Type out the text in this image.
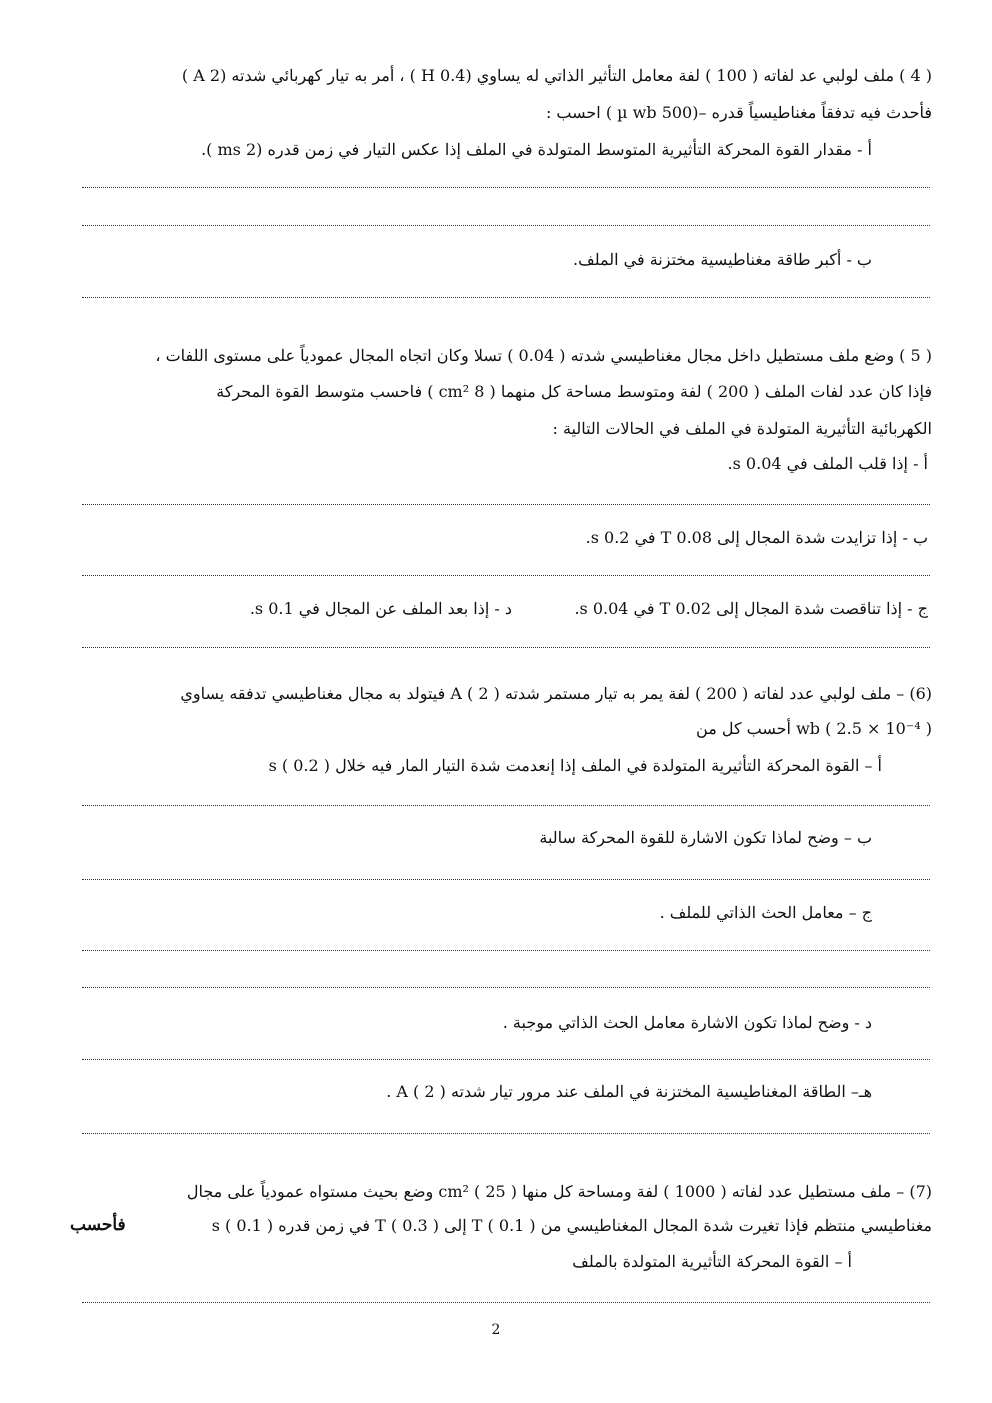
( 4 ) ملف لولبي عد لفاته ( 100 ) لفة معامل التأثير الذاتي له يساوي (0.4 H ) ، أمر به تيار كهربائي شدته (A 2 )
فأحدث فيه تدفقاً مغناطيسياً قدره –(500 µ wb ) احسب :
أ - مقدار القوة المحركة التأثيرية المتوسط المتولدة في الملف إذا عكس التيار في زمن قدره (2 ms ).
ب - أكبر طاقة مغناطيسية مختزنة في الملف.
( 5 ) وضع ملف مستطيل داخل مجال مغناطيسي شدته ( 0.04 ) تسلا وكان اتجاه المجال عمودياً على مستوى اللفات ،
فإذا كان عدد لفات الملف ( 200 ) لفة ومتوسط مساحة كل منهما ( 8 cm² ) فاحسب متوسط القوة المحركة
الكهربائية التأثيرية المتولدة في الملف في الحالات التالية :
أ - إذا قلب الملف في 0.04 s.
ب - إذا تزايدت شدة المجال إلى T 0.08 في 0.2 s.
ج - إذا تناقصت شدة المجال إلى T 0.02 في s 0.04.
د - إذا بعد الملف عن المجال في s 0.1.
(6) – ملف لولبي عدد لفاته ( 200 ) لفة يمر به تيار مستمر شدته A ( 2 ) فيتولد به مجال مغناطيسي تدفقه يساوي
wb ( 2.5 × 10⁻⁴ ) أحسب كل من
أ – القوة المحركة التأثيرية المتولدة في الملف إذا إنعدمت شدة التيار المار فيه خلال s ( 0.2 )
ب – وضح لماذا تكون الاشارة للقوة المحركة سالبة
ج – معامل الحث الذاتي للملف .
د - وضح لماذا تكون الاشارة معامل الحث الذاتي موجبة .
هـ– الطاقة المغناطيسية المختزنة في الملف عند مرور تيار شدته A ( 2 ) .
(7) – ملف مستطيل عدد لفاته ( 1000 ) لفة ومساحة كل منها cm² ( 25 ) وضع بحيث مستواه عمودياً على مجال
مغناطيسي منتظم فإذا تغيرت شدة المجال المغناطيسي من T ( 0.1 ) إلى T ( 0.3 ) في زمن قدره s ( 0.1 )
فأحسب
أ – القوة المحركة التأثيرية المتولدة بالملف
2
